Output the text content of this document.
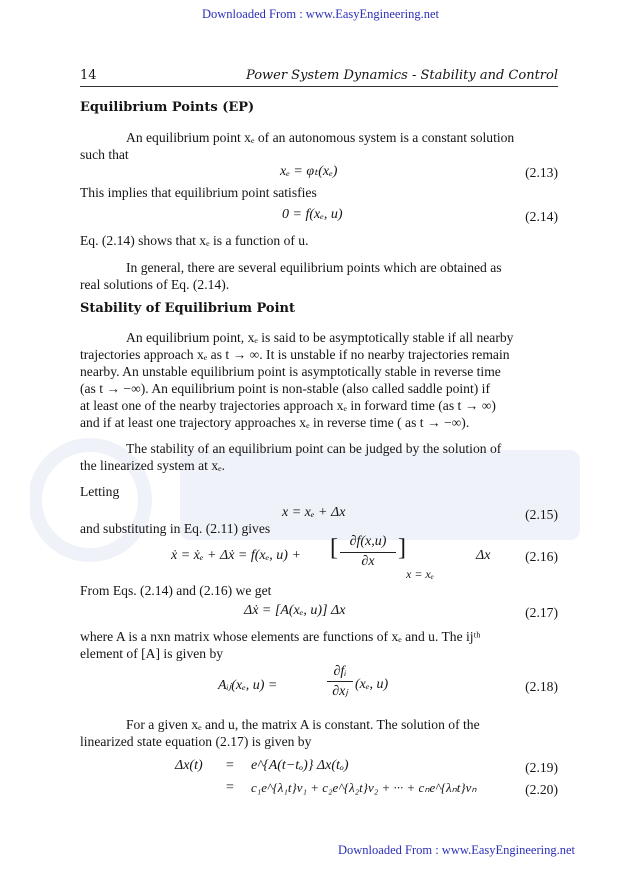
Downloaded From : www.EasyEngineering.net
14	Power System Dynamics - Stability and Control
Equilibrium Points (EP)
An equilibrium point xₑ of an autonomous system is a constant solution
such that
xₑ = φₜ(xₑ)	(2.13)
This implies that equilibrium point satisfies
0 = f(xₑ, u)	(2.14)
Eq. (2.14) shows that xₑ is a function of u.
In general, there are several equilibrium points which are obtained as
real solutions of Eq. (2.14).
Stability of Equilibrium Point
An equilibrium point, xₑ is said to be asymptotically stable if all nearby
trajectories approach xₑ as t → ∞. It is unstable if no nearby trajectories remain
nearby. An unstable equilibrium point is asymptotically stable in reverse time
(as t → −∞). An equilibrium point is non-stable (also called saddle point) if
at least one of the nearby trajectories approach xₑ in forward time (as t → ∞)
and if at least one trajectory approaches xₑ in reverse time ( as t → −∞).
The stability of an equilibrium point can be judged by the solution of
the linearized system at xₑ.
Letting
x = xₑ + Δx	(2.15)
and substituting in Eq. (2.11) gives
ẋ = ẋₑ + Δẋ = f(xₑ, u) + [ ∂f(x,u)
∂x
]
x = xₑ
Δx	(2.16)
From Eqs. (2.14) and (2.16) we get
Δẋ = [A(xₑ, u)] Δx	(2.17)
where A is a nxn matrix whose elements are functions of xₑ and u. The ijᵗʰ
element of [A] is given by
Aᵢⱼ(xₑ, u) =
∂fᵢ
∂xⱼ (xₑ, u)	(2.18)
For a given xₑ and u, the matrix A is constant. The solution of the
linearized state equation (2.17) is given by
Δx(t) = e^{A(t−tₒ)} Δx(tₒ)	(2.19)
= c₁e^{λ₁t}v₁ + c₂e^{λ₂t}v₂ + ··· + cₙe^{λₙt}vₙ	(2.20)
Downloaded From : www.EasyEngineering.net
